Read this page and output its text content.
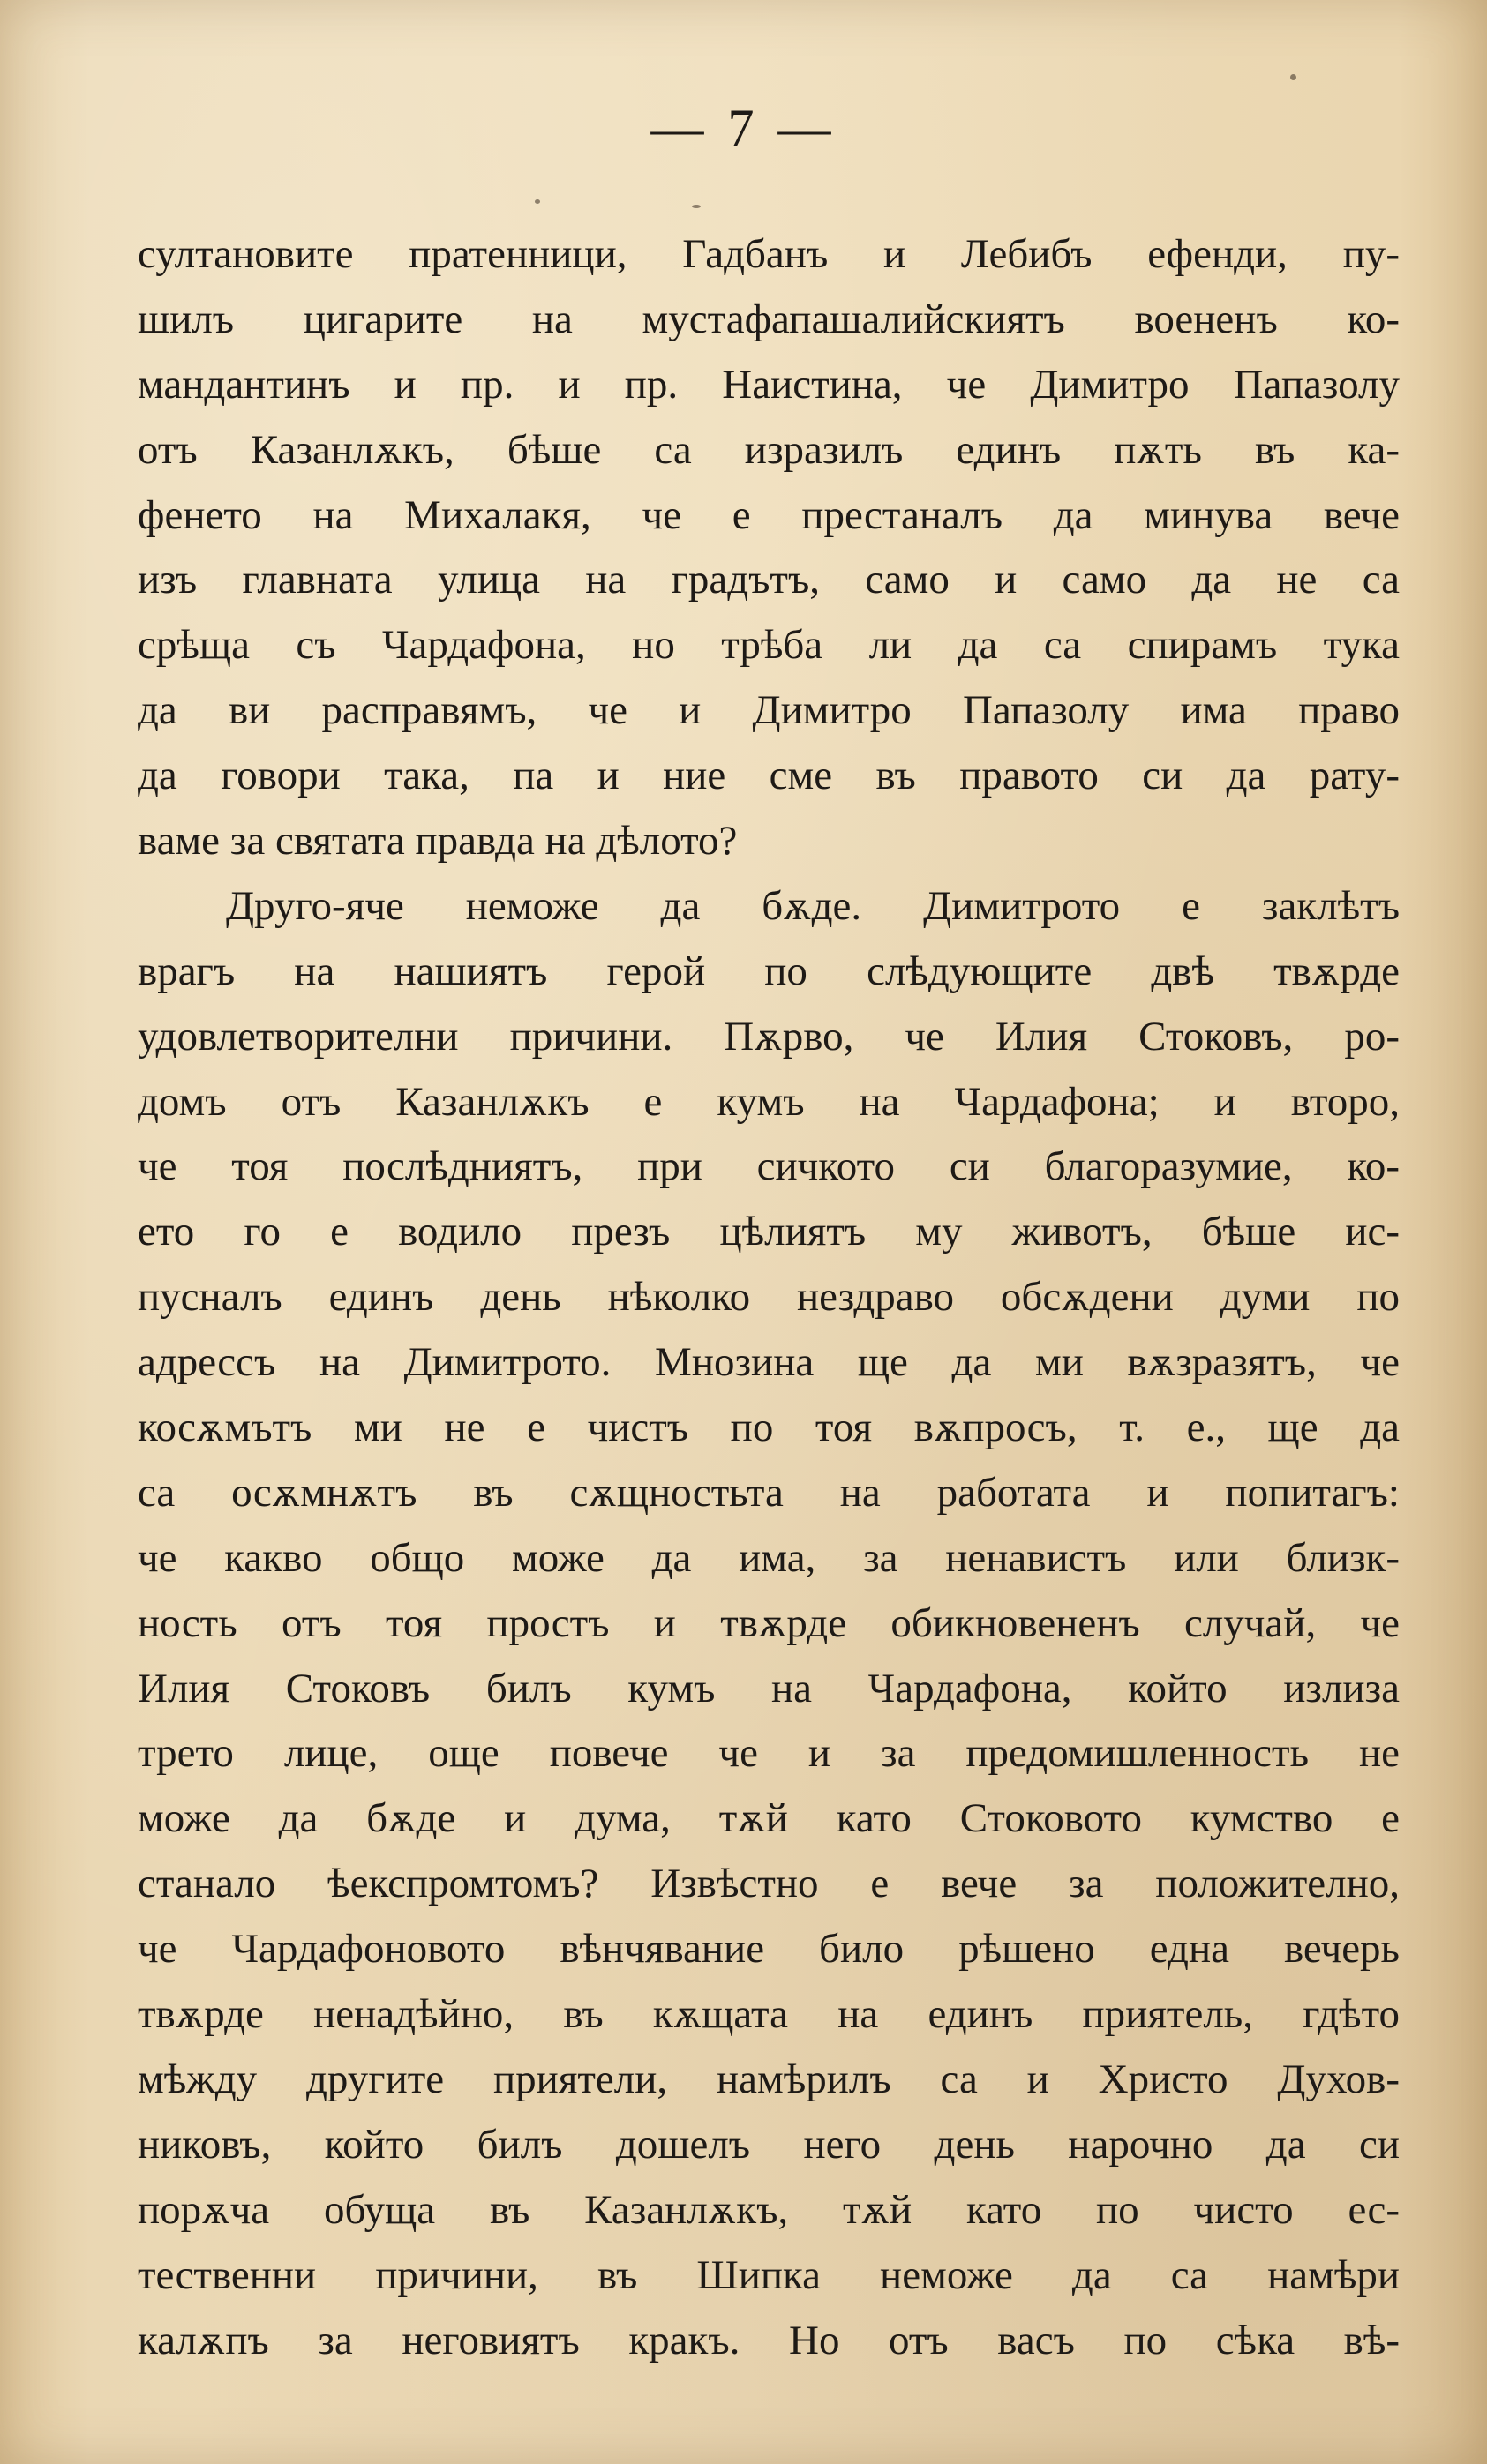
— 7 —
султановите пратенници, Гадбанъ и Лебибъ ефенди, пу-
шилъ цигарите на мустафапашалийскиятъ воененъ ко-
мандантинъ и пр. и пр. Наистина, че Димитро Папазолу
отъ Казанлѫкъ, бѣше са изразилъ единъ пѫть въ ка-
фенето на Михалакя, че е престаналъ да минува вече
изъ главната улица на градътъ, само и само да не са
срѣща съ Чардафона, но трѣба ли да са спирамъ тука
да ви расправямъ, че и Димитро Папазолу има право
да говори така, па и ние сме въ правото си да рату-
ваме за святата правда на дѣлото?
Друго-яче неможе да бѫде. Димитрото е заклѣтъ
врагъ на нашиятъ герой по слѣдующите двѣ твѫрде
удовлетворителни причини. Пѫрво, че Илия Стоковъ, ро-
домъ отъ Казанлѫкъ е кумъ на Чардафона; и второ,
че тоя послѣдниятъ, при сичкото си благоразумие, ко-
ето го е водило презъ цѣлиятъ му животъ, бѣше ис-
пусналъ единъ день нѣколко нездраво обсѫдени думи по
адрессъ на Димитрото. Мнозина ще да ми вѫзразятъ, че
косѫмътъ ми не е чистъ по тоя вѫпросъ, т. е., ще да
са осѫмнѫтъ въ сѫщностьта на работата и попитагъ:
че какво общо може да има, за ненавистъ или близк-
ность отъ тоя простъ и твѫрде обикновененъ случай, че
Илия Стоковъ билъ кумъ на Чардафона, който излиза
трето лице, още повече че и за предомишленность не
може да бѫде и дума, тѫй като Стоковото кумство е
станало ѣекспромтомъ? Извѣстно е вече за положително,
че Чардафоновото вѣнчявание било рѣшено една вечерь
твѫрде ненадѣйно, въ кѫщата на единъ приятель, гдѣто
мѣжду другите приятели, намѣрилъ са и Христо Духов-
никовъ, който билъ дошелъ него день нарочно да си
порѫча обуща въ Казанлѫкъ, тѫй като по чисто ес-
тественни причини, въ Шипка неможе да са намѣри
калѫпъ за неговиятъ кракъ. Но отъ васъ по сѣка вѣ-
